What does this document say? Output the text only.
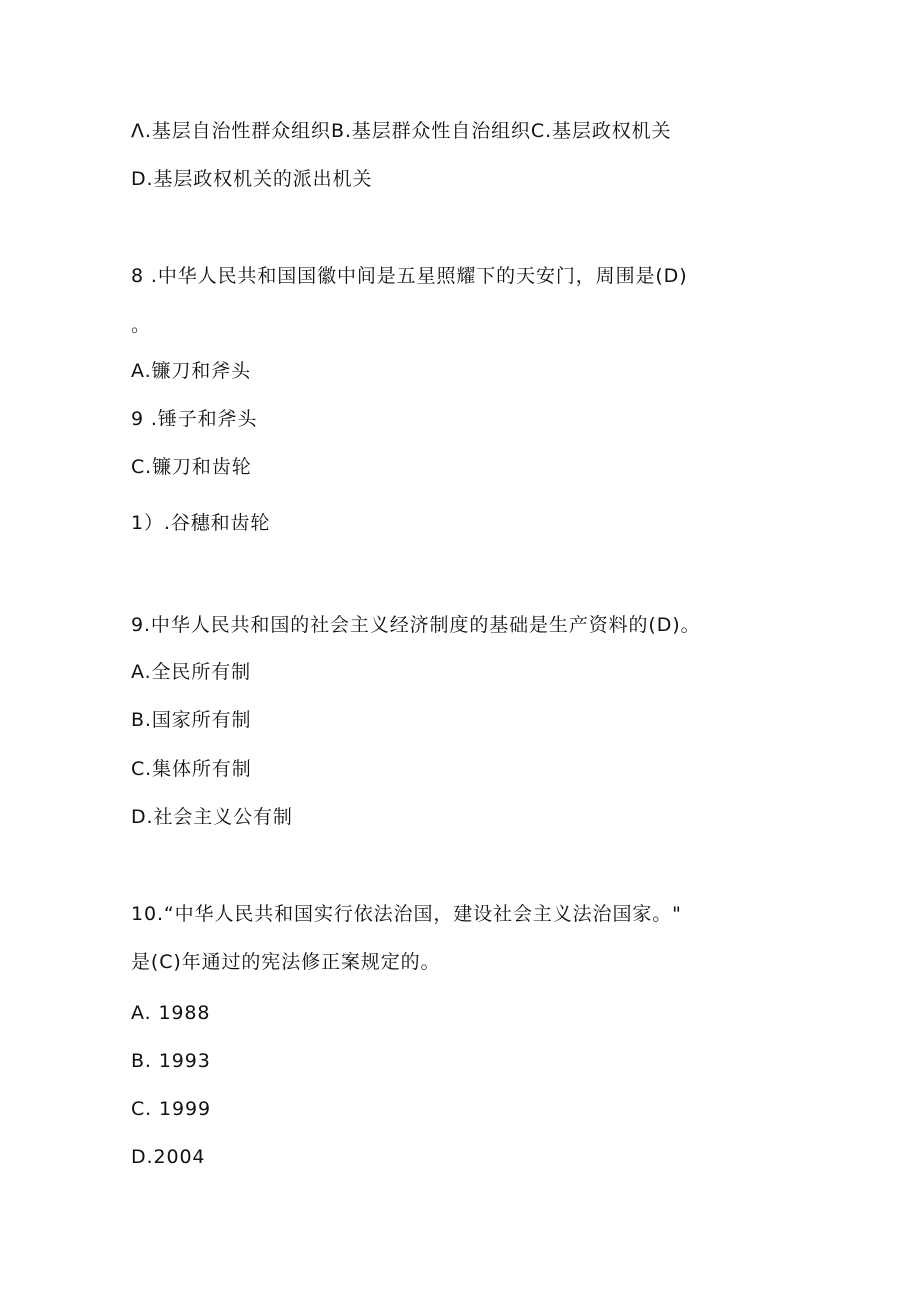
Λ.基层自治性群众组织B.基层群众性自治组织C.基层政权机关
D.基层政权机关的派出机关
8 .中华人民共和国国徽中间是五星照耀下的天安门，周围是(D)
。
A.镰刀和斧头
9 .锤子和斧头
C.镰刀和齿轮
1）.谷穗和齿轮
9.中华人民共和国的社会主义经济制度的基础是生产资料的(D)。
A.全民所有制
B.国家所有制
C.集体所有制
D.社会主义公有制
10.“中华人民共和国实行依法治国，建设社会主义法治国家。"
是(C)年通过的宪法修正案规定的。
A. 1988
B. 1993
C. 1999
D.2004
